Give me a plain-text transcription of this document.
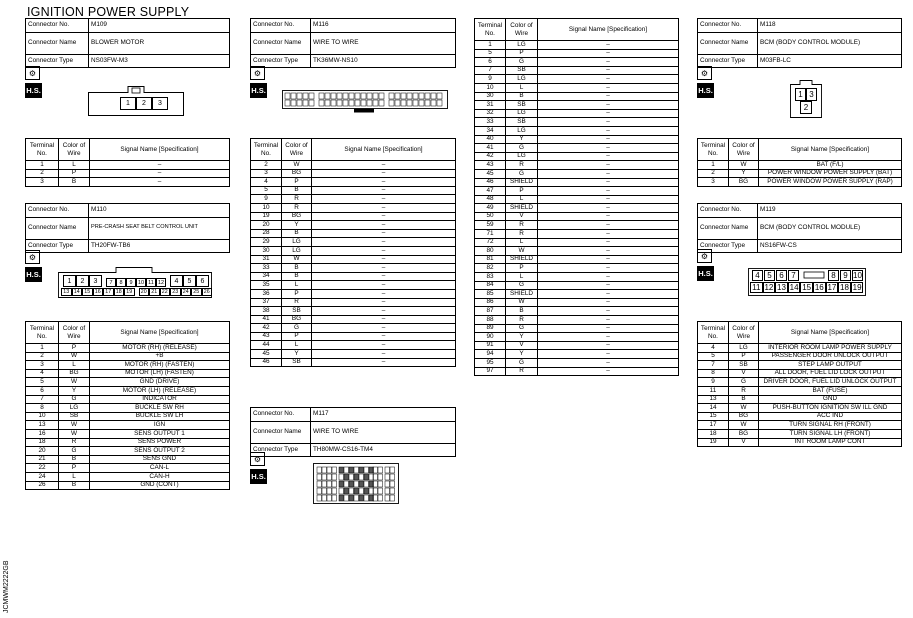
IGNITION POWER SUPPLY
JCMWM2222GB
Connector No.	M109
Connector Name	BLOWER MOTOR
Connector Type	NS03FW-M3
⚙
H.S.
1	2	3
Terminal No.	Color of Wire	Signal Name [Specification]
1	L	–
2	P	–
3	B	–
Connector No.	M110
Connector Name	PRE-CRASH SEAT BELT CONTROL UNIT
Connector Type	TH20FW-TB6
⚙
H.S.
1	2	3	7	8	9 10 11 12	4	5	6
13 14 15 16 17 18 19	20 21 22 23 24 25 26
Terminal No.	Color of Wire	Signal Name [Specification]
1	P	MOTOR (RH) (RELEASE)
2	W	+B
3	L	MOTOR (RH) (FASTEN)
4	BG	MOTOR (LH) (FASTEN)
5	W	GND (DRIVE)
6	Y	MOTOR (LH) (RELEASE)
7	G	INDICATOR
8	LG	BUCKLE SW RH
10	SB	BUCKLE SW LH
13	W	IGN
16	W	SENS OUTPUT 1
18	R	SENS POWER
20	G	SENS OUTPUT 2
21	B	SENS GND
22	P	CAN-L
24	L	CAN-H
26	B	GND (CONT)
Connector No.	M116
Connector Name	WIRE TO WIRE
Connector Type	TK36MW-NS10
⚙
H.S.
Terminal No.	Color of Wire	Signal Name [Specification]
2	W	–
3	BG	–
4	P	–
5	B	–
9	R	–
10	R	–
19	BG	–
20	Y	–
28	B	–
29	LG	–
30	LG	–
31	W	–
33	B	–
34	B	–
35	L	–
36	P	–
37	R	–
38	SB	–
41	BG	–
42	G	–
43	P	–
44	L	–
45	Y	–
46	SB	–
Connector No.	M117
Connector Name	WIRE TO WIRE
Connector Type	TH80MW-CS16-TM4
⚙
H.S.
Terminal No.	Color of Wire	Signal Name [Specification]
1	LG	–
5	P	–
6	G	–
7	SB	–
9	LG	–
10	L	–
30	B	–
31	SB	–
32	LG	–
33	SB	–
34	LG	–
40	Y	–
41	G	–
42	LG	–
43	R	–
45	G	–
46	SHIELD	–
47	P	–
48	L	–
49	SHIELD	–
50	V	–
59	R	–
71	R	–
72	L	–
80	W	–
81	SHIELD	–
82	P	–
83	L	–
84	G	–
85	SHIELD	–
86	W	–
87	B	–
88	R	–
89	G	–
90	Y	–
91	V	–
94	Y	–
95	G	–
97	R	–
Connector No.	M118
Connector Name	BCM (BODY CONTROL MODULE)
Connector Type	M03FB-LC
⚙
H.S.	1 3
2
Terminal No.	Color of Wire	Signal Name [Specification]
1	W	BAT (F/L)
2	Y	POWER WINDOW POWER SUPPLY (BAT)
3	BG	POWER WINDOW POWER SUPPLY (RAP)
Connector No.	M119
Connector Name	BCM (BODY CONTROL MODULE)
Connector Type	NS16FW-CS
⚙
H.S.	4 5 6 7	8 9 10
11 12 13 14 15 16 17 18 19
Terminal No.	Color of Wire	Signal Name [Specification]
4	LG	INTERIOR ROOM LAMP POWER SUPPLY
5	P	PASSENGER DOOR UNLOCK OUTPUT
7	SB	STEP LAMP OUTPUT
8	V	ALL DOOR, FUEL LID LOCK OUTPUT
9	G	DRIVER DOOR, FUEL LID UNLOCK OUTPUT
11	R	BAT (FUSE)
13	B	GND
14	W	PUSH-BUTTON IGNITION SW ILL GND
15	BG	ACC IND
17	W	TURN SIGNAL RH (FRONT)
18	BG	TURN SIGNAL LH (FRONT)
19	V	INT ROOM LAMP CONT
